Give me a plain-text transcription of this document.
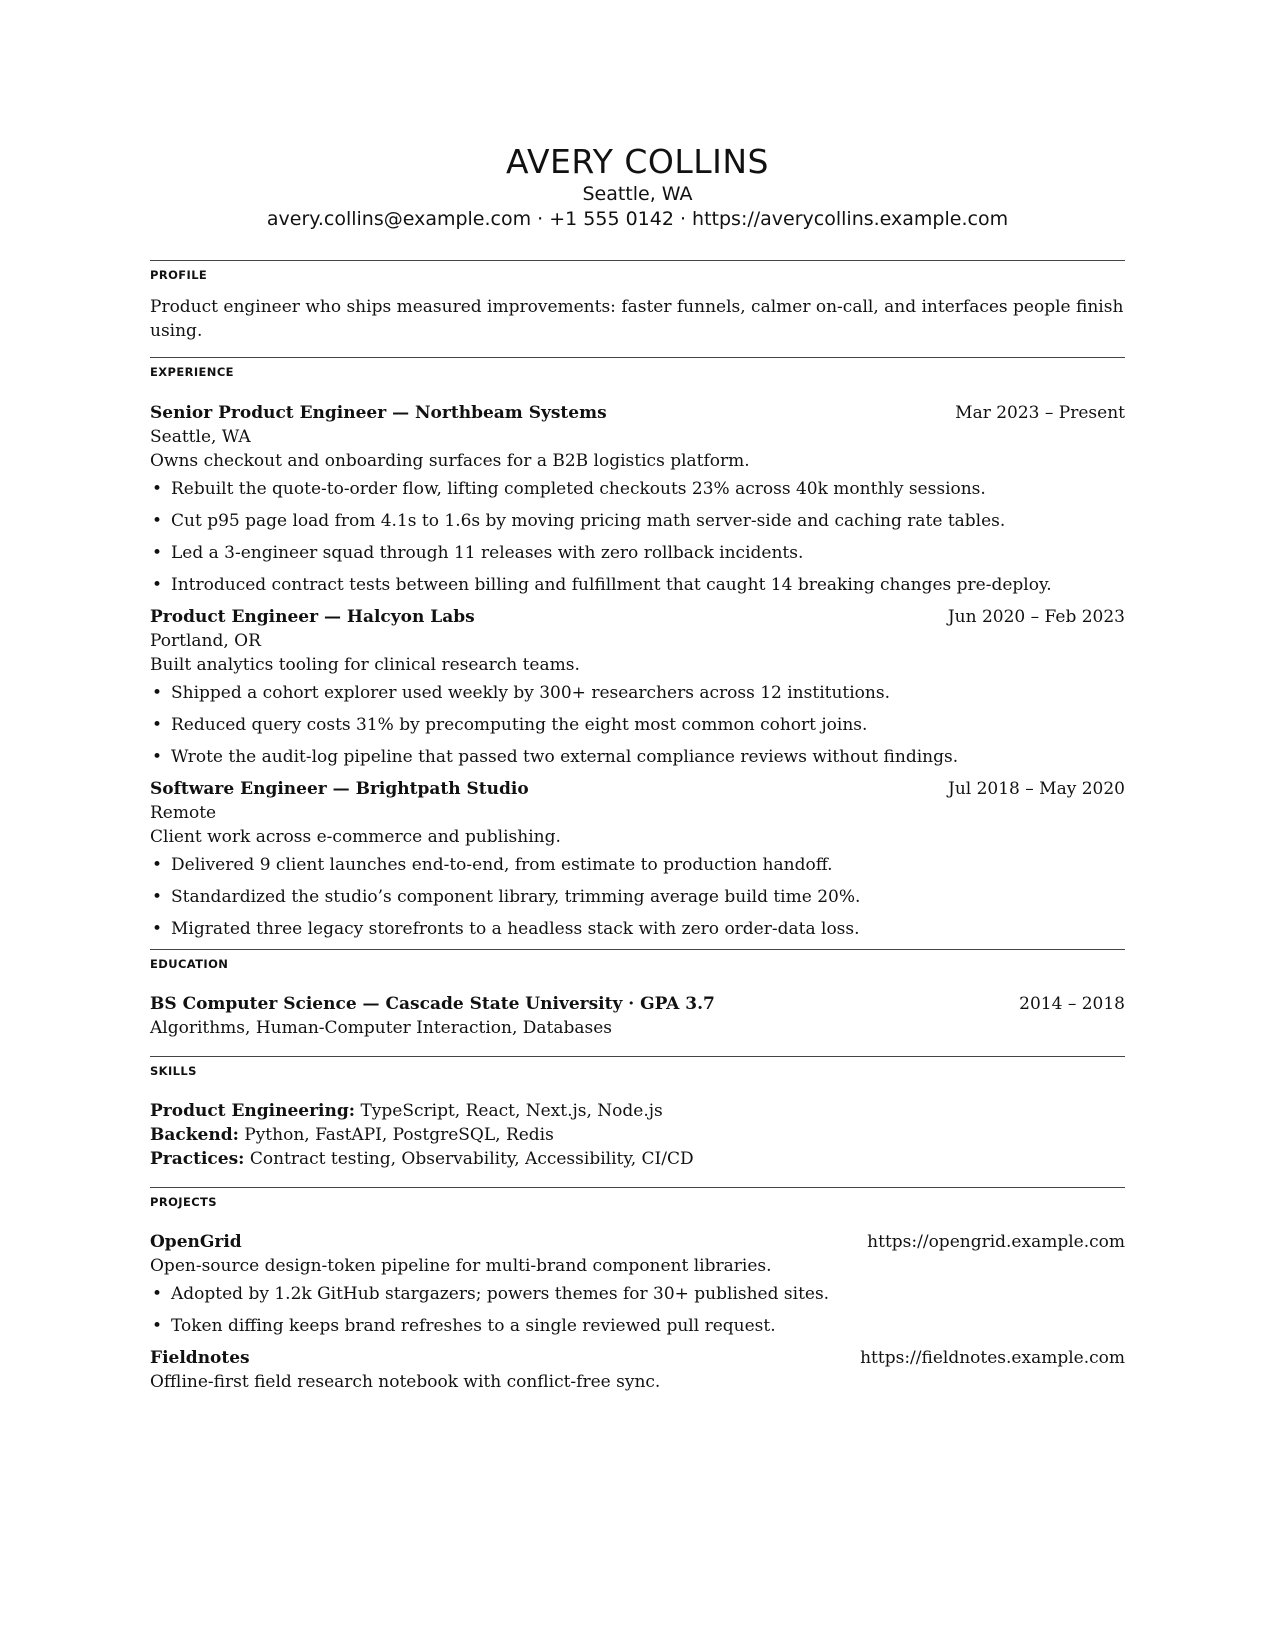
AVERY COLLINS
Seattle, WA
avery.collins@example.com · +1 555 0142 · https://averycollins.example.com
PROFILE
Product engineer who ships measured improvements: faster funnels, calmer on-call, and interfaces people finish using.
EXPERIENCE
Senior Product Engineer — Northbeam Systems	Mar 2023 – Present
Seattle, WA
Owns checkout and onboarding surfaces for a B2B logistics platform.
• Rebuilt the quote-to-order flow, lifting completed checkouts 23% across 40k monthly sessions.
• Cut p95 page load from 4.1s to 1.6s by moving pricing math server-side and caching rate tables.
• Led a 3-engineer squad through 11 releases with zero rollback incidents.
• Introduced contract tests between billing and fulfillment that caught 14 breaking changes pre-deploy.
Product Engineer — Halcyon Labs	Jun 2020 – Feb 2023
Portland, OR
Built analytics tooling for clinical research teams.
• Shipped a cohort explorer used weekly by 300+ researchers across 12 institutions.
• Reduced query costs 31% by precomputing the eight most common cohort joins.
• Wrote the audit-log pipeline that passed two external compliance reviews without findings.
Software Engineer — Brightpath Studio	Jul 2018 – May 2020
Remote
Client work across e-commerce and publishing.
• Delivered 9 client launches end-to-end, from estimate to production handoff.
• Standardized the studio’s component library, trimming average build time 20%.
• Migrated three legacy storefronts to a headless stack with zero order-data loss.
EDUCATION
BS Computer Science — Cascade State University · GPA 3.7	2014 – 2018
Algorithms, Human-Computer Interaction, Databases
SKILLS
Product Engineering: TypeScript, React, Next.js, Node.js
Backend: Python, FastAPI, PostgreSQL, Redis
Practices: Contract testing, Observability, Accessibility, CI/CD
PROJECTS
OpenGrid	https://opengrid.example.com
Open-source design-token pipeline for multi-brand component libraries.
• Adopted by 1.2k GitHub stargazers; powers themes for 30+ published sites.
• Token diffing keeps brand refreshes to a single reviewed pull request.
Fieldnotes	https://fieldnotes.example.com
Offline-first field research notebook with conflict-free sync.
